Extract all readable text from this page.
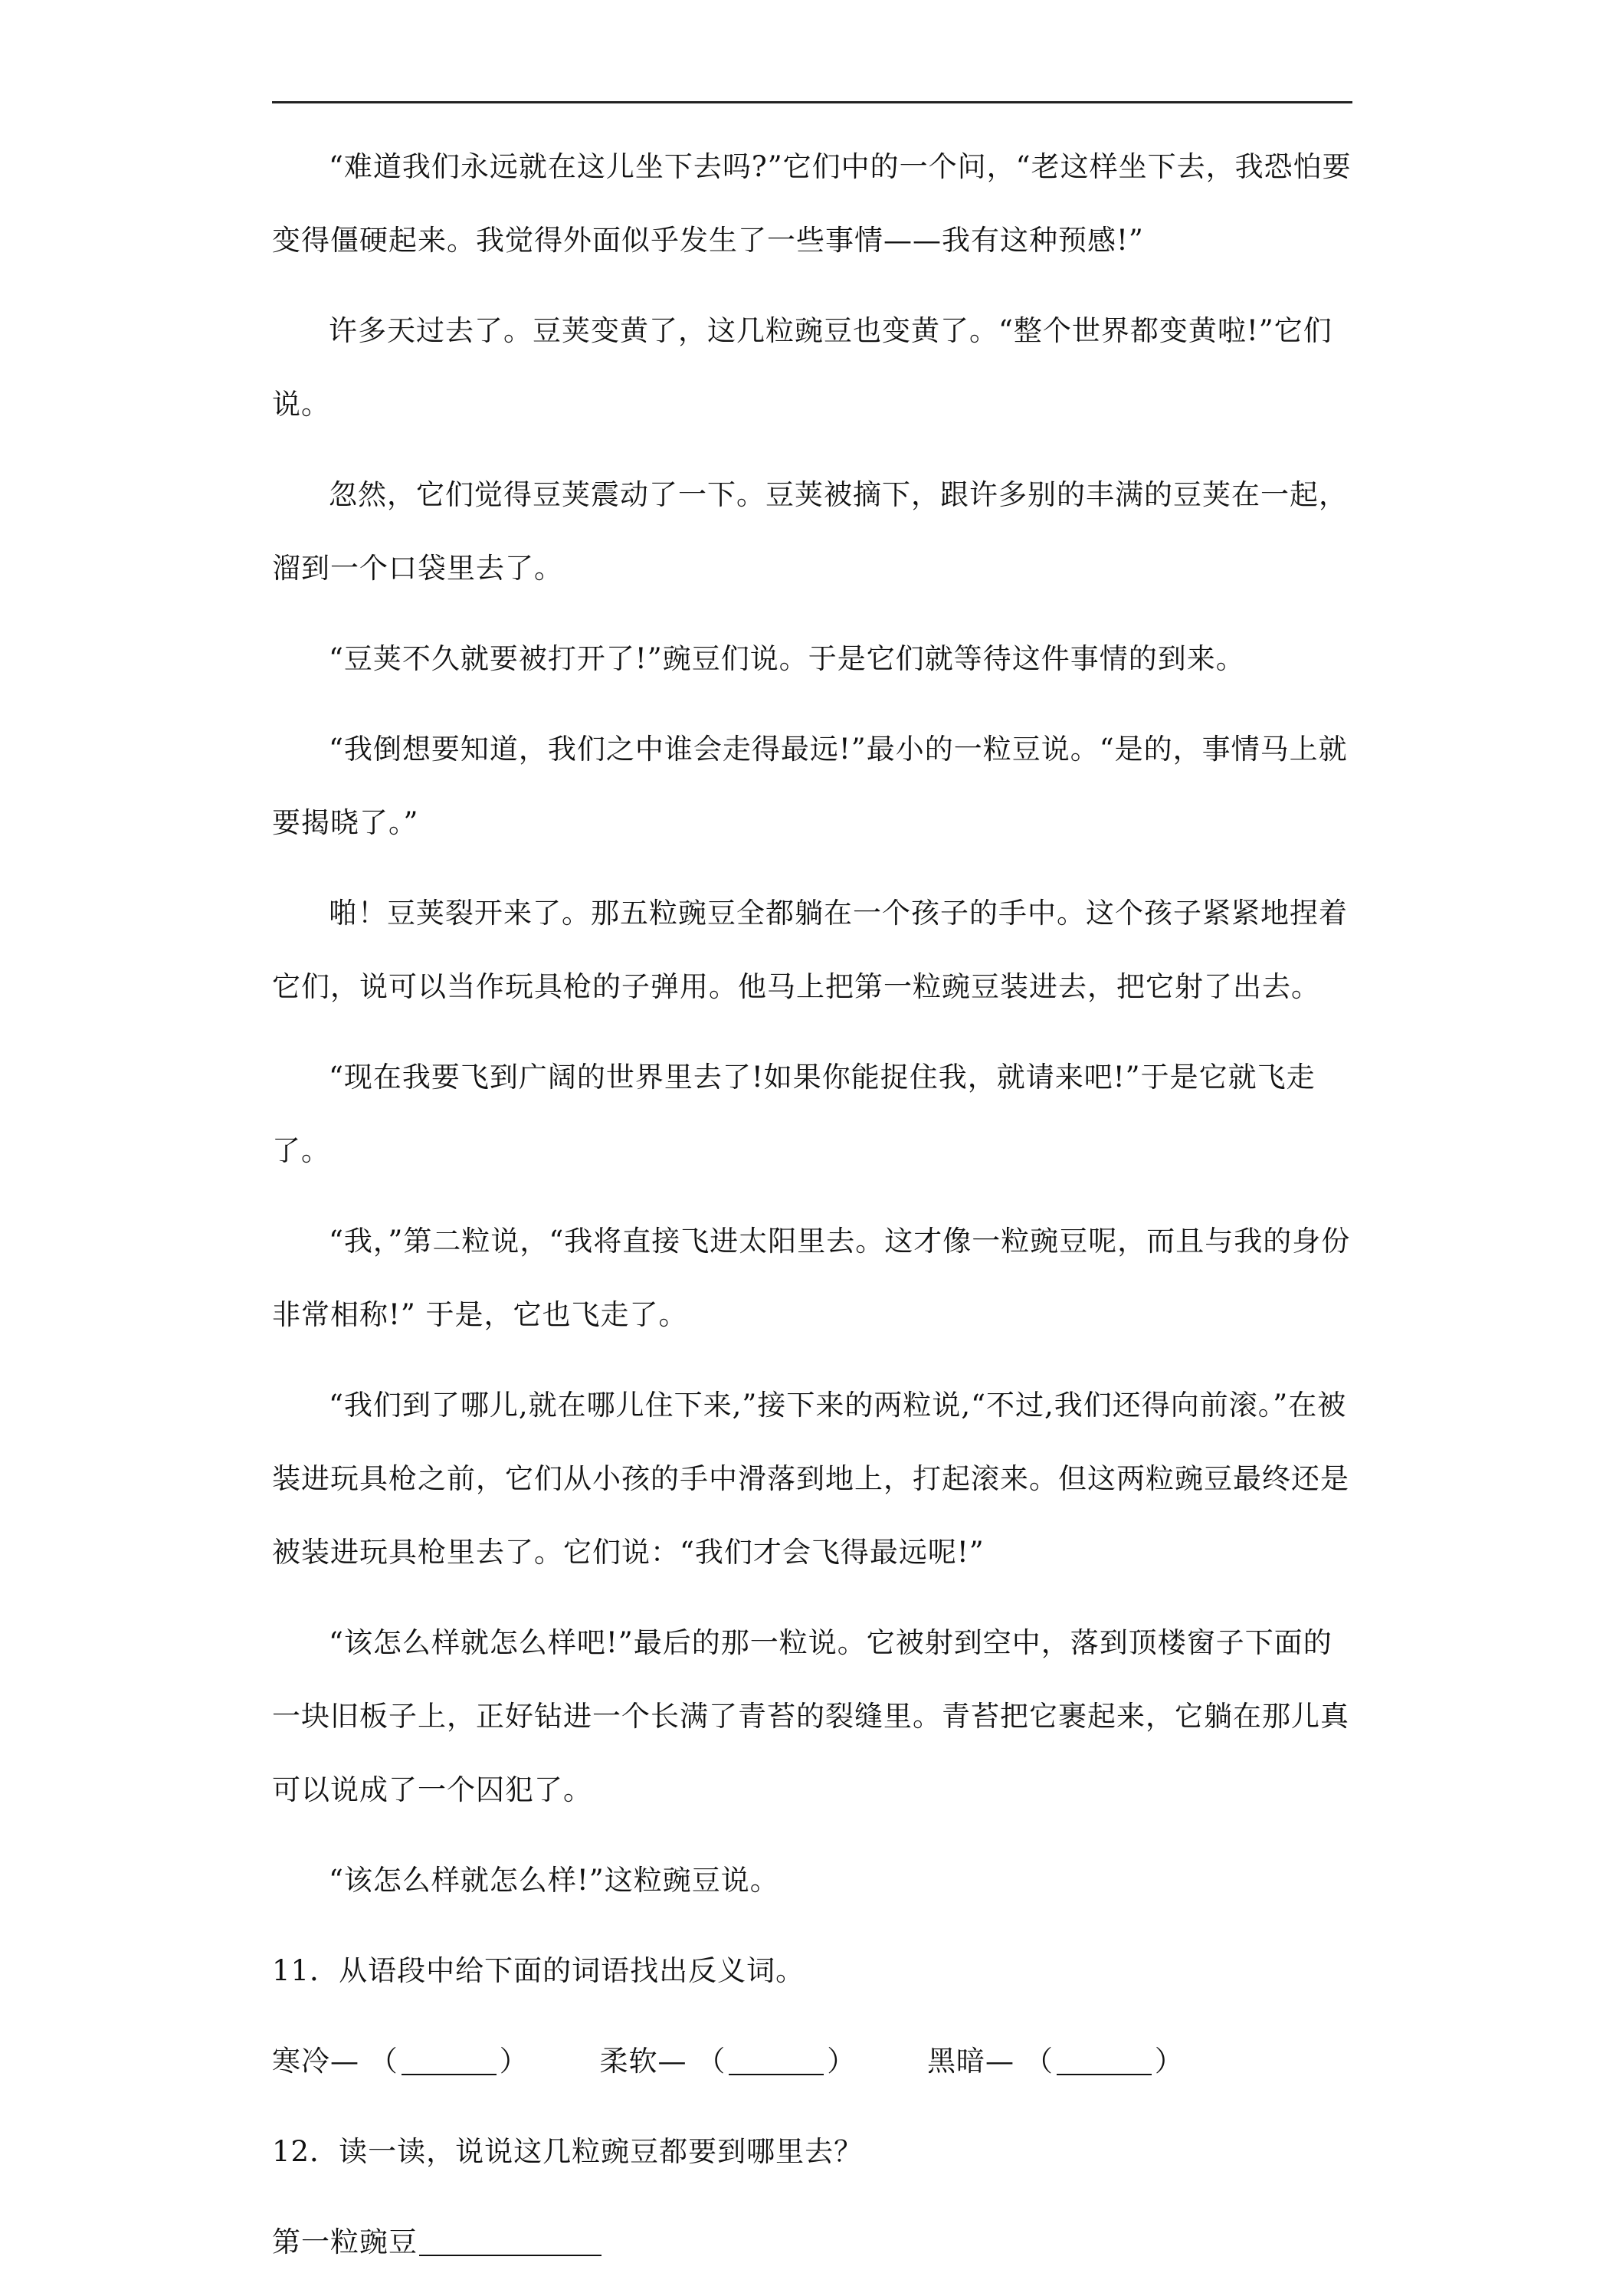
“难道我们永远就在这儿坐下去吗?”它们中的一个问，“老这样坐下去，我恐怕要变得僵硬起来。我觉得外面似乎发生了一些事情——我有这种预感!”

许多天过去了。豆荚变黄了，这几粒豌豆也变黄了。“整个世界都变黄啦!”它们说。

忽然，它们觉得豆荚震动了一下。豆荚被摘下，跟许多别的丰满的豆荚在一起，溜到一个口袋里去了。

“豆荚不久就要被打开了!”豌豆们说。于是它们就等待这件事情的到来。

“我倒想要知道，我们之中谁会走得最远!”最小的一粒豆说。“是的，事情马上就要揭晓了。”

啪！豆荚裂开来了。那五粒豌豆全都躺在一个孩子的手中。这个孩子紧紧地捏着它们，说可以当作玩具枪的子弹用。他马上把第一粒豌豆装进去，把它射了出去。

“现在我要飞到广阔的世界里去了!如果你能捉住我，就请来吧!”于是它就飞走了。

“我，”第二粒说，“我将直接飞进太阳里去。这才像一粒豌豆呢，而且与我的身份非常相称!” 于是，它也飞走了。

“我们到了哪儿,就在哪儿住下来,”接下来的两粒说,“不过,我们还得向前滚。”在被装进玩具枪之前，它们从小孩的手中滑落到地上，打起滚来。但这两粒豌豆最终还是被装进玩具枪里去了。它们说：“我们才会飞得最远呢!”

“该怎么样就怎么样吧!”最后的那一粒说。它被射到空中，落到顶楼窗子下面的一块旧板子上，正好钻进一个长满了青苔的裂缝里。青苔把它裹起来，它躺在那儿真可以说成了一个囚犯了。

“该怎么样就怎么样!”这粒豌豆说。

11．从语段中给下面的词语找出反义词。

寒冷— （	）	柔软— （	）	黑暗— （	）

12．读一读，说说这几粒豌豆都要到哪里去？

第一粒豌豆
